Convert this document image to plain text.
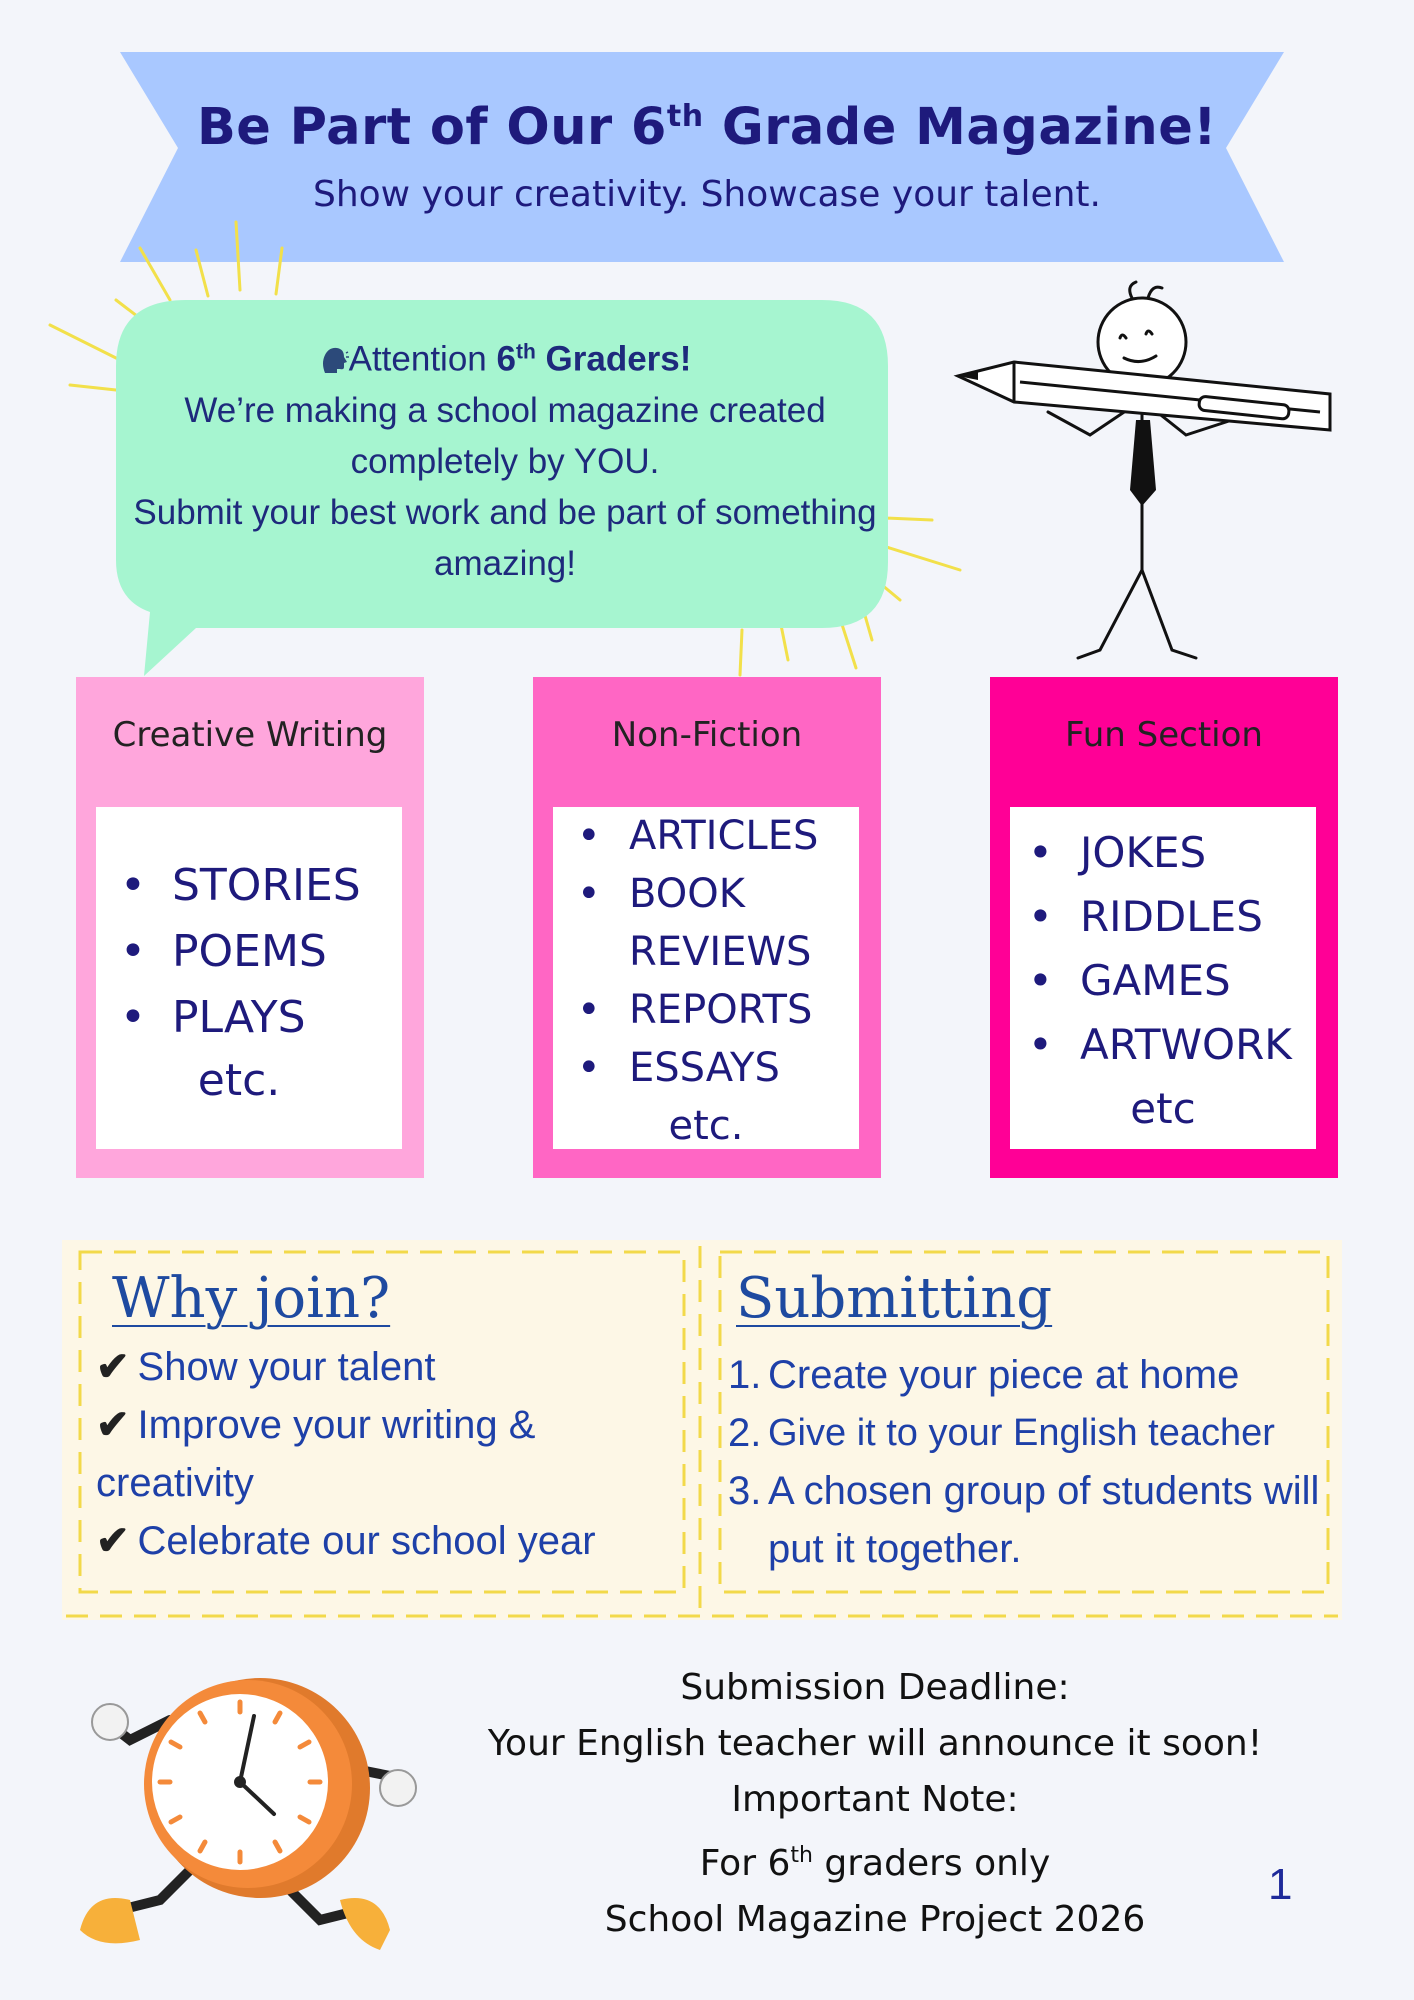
Be Part of Our 6th Grade Magazine!
Show your creativity. Showcase your talent.
Attention 6th Graders!
We’re making a school magazine created completely by YOU.
Submit your best work and be part of something amazing!
Creative Writing
• STORIES
• POEMS
• PLAYS
etc.
Non-Fiction
• ARTICLES
• BOOK REVIEWS
• REPORTS
• ESSAYS
etc.
Fun Section
• JOKES
• RIDDLES
• GAMES
• ARTWORK
etc
Why join?
✔ Show your talent
✔ Improve your writing & creativity
✔ Celebrate our school year
Submitting
1. Create your piece at home
2. Give it to your English teacher
3. A chosen group of students will put it together.
Submission Deadline:
Your English teacher will announce it soon!
Important Note:
For 6th graders only
School Magazine Project 2026
1
